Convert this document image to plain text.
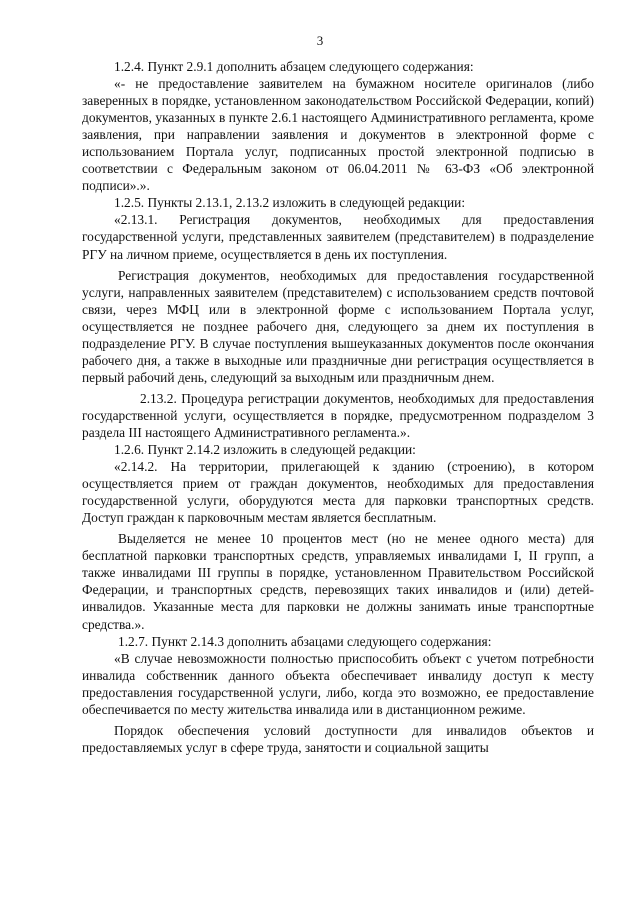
3

1.2.4. Пункт 2.9.1 дополнить абзацем следующего содержания:

«- не предоставление заявителем на бумажном носителе оригиналов (либо заверенных в порядке, установленном законодательством Российской Федерации, копий) документов, указанных в пункте 2.6.1 настоящего Административного регламента, кроме заявления, при направлении заявления и документов в электронной форме с использованием Портала услуг, подписанных простой электронной подписью в соответствии с Федеральным законом от 06.04.2011 № 63-ФЗ «Об электронной подписи».».

1.2.5. Пункты 2.13.1, 2.13.2 изложить в следующей редакции:

«2.13.1. Регистрация документов, необходимых для предоставления государственной услуги, представленных заявителем (представителем) в подразделение РГУ на личном приеме, осуществляется в день их поступления.

Регистрация документов, необходимых для предоставления государственной услуги, направленных заявителем (представителем) с использованием средств почтовой связи, через МФЦ или в электронной форме с использованием Портала услуг, осуществляется не позднее рабочего дня, следующего за днем их поступления в подразделение РГУ. В случае поступления вышеуказанных документов после окончания рабочего дня, а также в выходные или праздничные дни регистрация осуществляется в первый рабочий день, следующий за выходным или праздничным днем.

2.13.2. Процедура регистрации документов, необходимых для предоставления государственной услуги, осуществляется в порядке, предусмотренном подразделом 3 раздела III настоящего Административного регламента.».

1.2.6. Пункт 2.14.2 изложить в следующей редакции:

«2.14.2. На территории, прилегающей к зданию (строению), в котором осуществляется прием от граждан документов, необходимых для предоставления государственной услуги, оборудуются места для парковки транспортных средств. Доступ граждан к парковочным местам является бесплатным.

Выделяется не менее 10 процентов мест (но не менее одного места) для бесплатной парковки транспортных средств, управляемых инвалидами I, II групп, а также инвалидами III группы в порядке, установленном Правительством Российской Федерации, и транспортных средств, перевозящих таких инвалидов и (или) детей-инвалидов. Указанные места для парковки не должны занимать иные транспортные средства.».

1.2.7. Пункт 2.14.3 дополнить абзацами следующего содержания:

«В случае невозможности полностью приспособить объект с учетом потребности инвалида собственник данного объекта обеспечивает инвалиду доступ к месту предоставления государственной услуги, либо, когда это возможно, ее предоставление обеспечивается по месту жительства инвалида или в дистанционном режиме.

Порядок обеспечения условий доступности для инвалидов объектов и предоставляемых услуг в сфере труда, занятости и социальной защиты
